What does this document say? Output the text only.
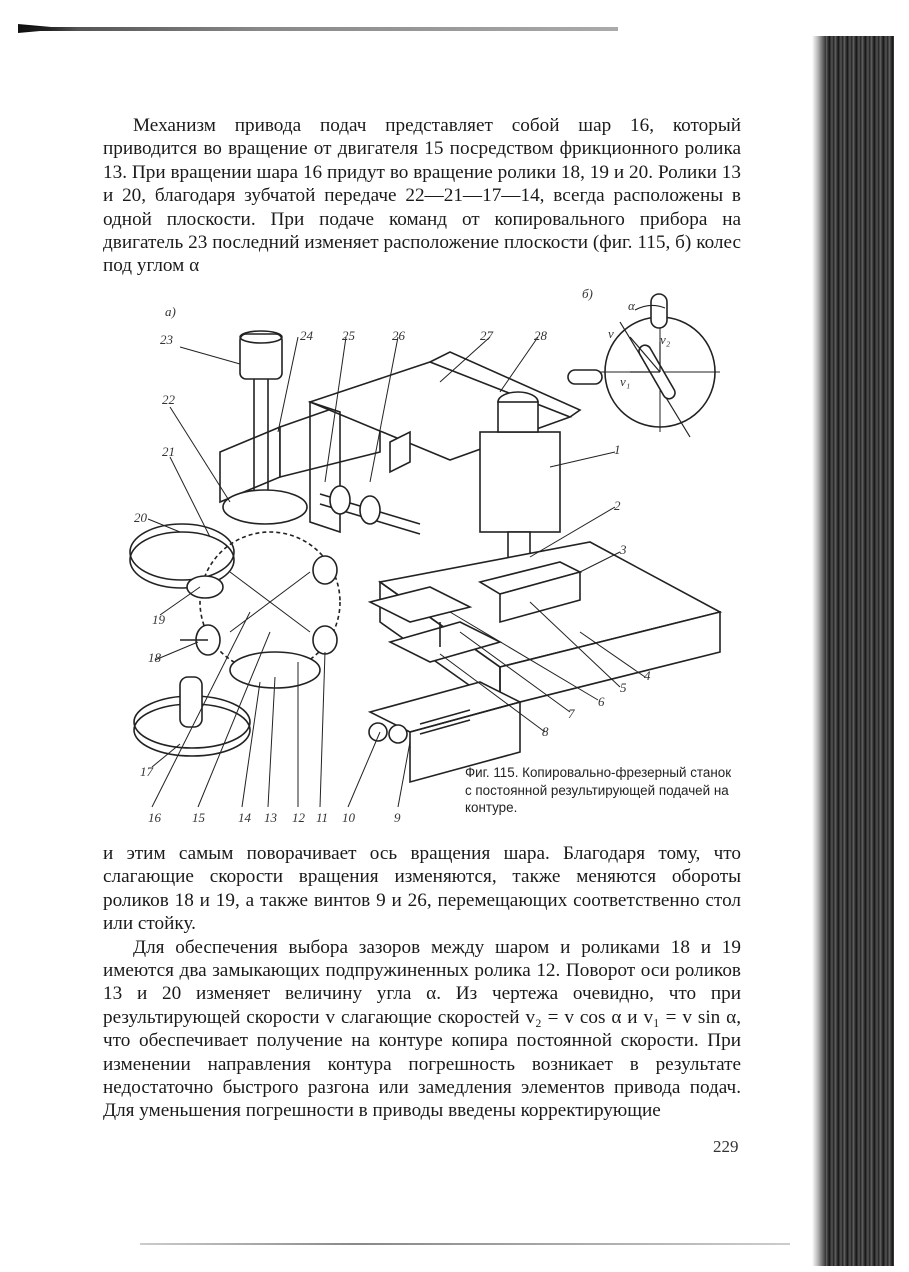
Механизм привода подач представляет собой шар 16, который приводится во вращение от двигателя 15 посредством фрикционного ролика 13. При вращении шара 16 придут во вращение ролики 18, 19 и 20. Ролики 13 и 20, благодаря зубчатой передаче 22—21—17—14, всегда расположены в одной плоскости. При подаче команд от копировального прибора на двигатель 23 последний изменяет расположение плоскости (фиг. 115, б) колес под углом α

а)
б)
23	24 25	26	27	28
22
21
20
19
18
17
1
2
3
4
5
6
7
8
16 15	14 13 12 11 10	9
α
v	v₂
v₁
Фиг. 115. Копировально-фрезерный станок с постоянной результирующей подачей на контуре.

и этим самым поворачивает ось вращения шара. Благодаря тому, что слагающие скорости вращения изменяются, также меняются обороты роликов 18 и 19, а также винтов 9 и 26, перемещающих соответственно стол или стойку.

Для обеспечения выбора зазоров между шаром и роликами 18 и 19 имеются два замыкающих подпружиненных ролика 12. Поворот оси роликов 13 и 20 изменяет величину угла α. Из чертежа очевидно, что при результирующей скорости v слагающие скоростей v₂ = v cos α и v₁ = v sin α, что обеспечивает получение на контуре копира постоянной скорости. При изменении направления контура погрешность возникает в результате недостаточно быстрого разгона или замедления элементов привода подач. Для уменьшения погрешности в приводы введены корректирующие

229
